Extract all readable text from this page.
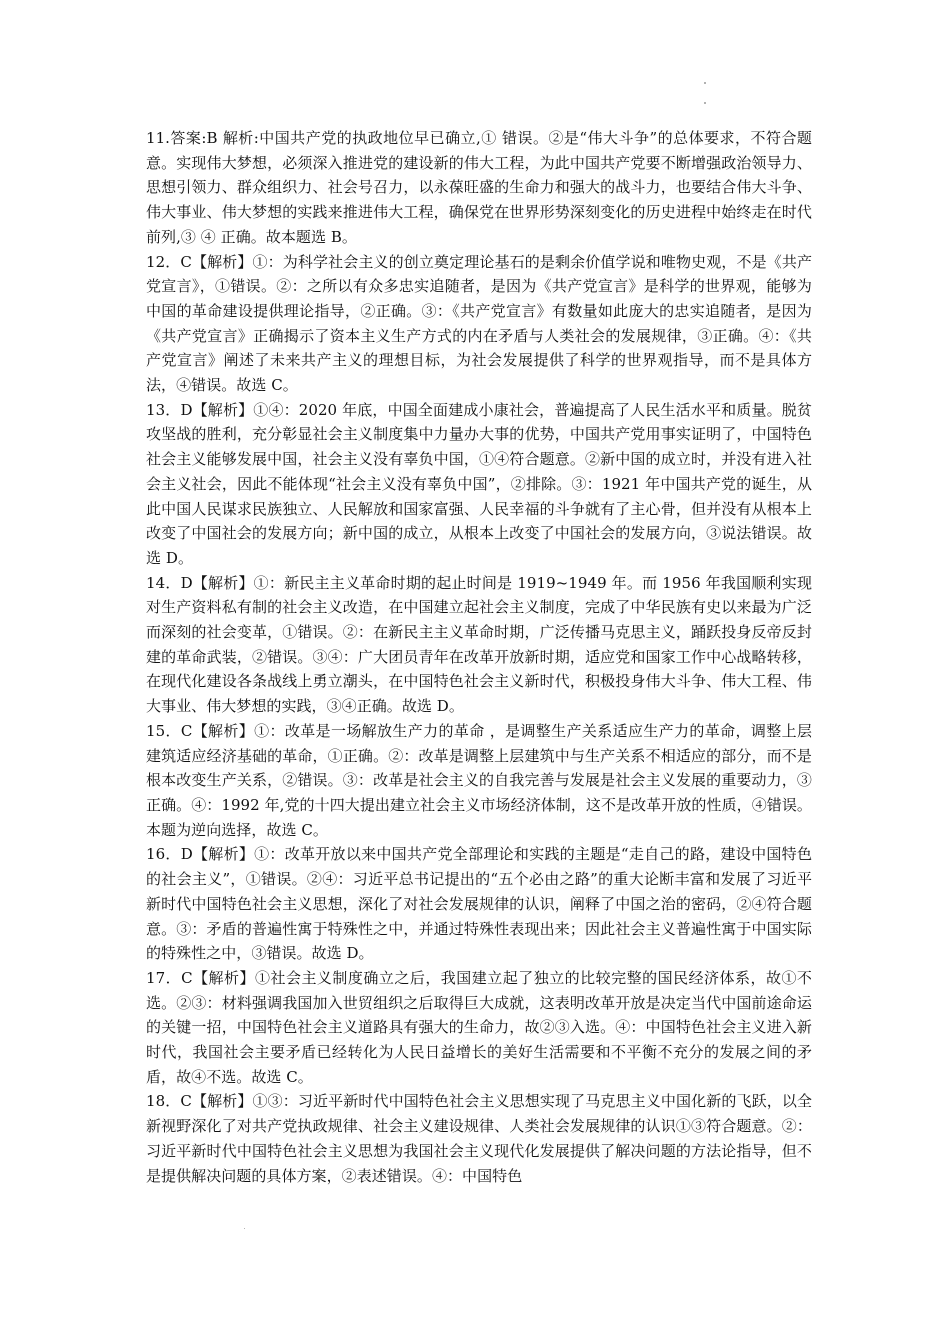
11.答案:B 解析:中国共产党的执政地位早已确立,① 错误。②是“伟大斗争”的总体要求，不符合题意。实现伟大梦想，必须深入推进党的建设新的伟大工程，为此中国共产党要不断增强政治领导力、思想引领力、群众组织力、社会号召力，以永葆旺盛的生命力和强大的战斗力，也要结合伟大斗争、伟大事业、伟大梦想的实践来推进伟大工程，确保党在世界形势深刻变化的历史进程中始终走在时代前列,③ ④ 正确。故本题选 B。

12．C【解析】①：为科学社会主义的创立奠定理论基石的是剩余价值学说和唯物史观，不是《共产党宣言》，①错误。②：之所以有众多忠实追随者，是因为《共产党宣言》是科学的世界观，能够为中国的革命建设提供理论指导，②正确。③：《共产党宣言》有数量如此庞大的忠实追随者，是因为《共产党宣言》正确揭示了资本主义生产方式的内在矛盾与人类社会的发展规律，③正确。④：《共产党宣言》阐述了未来共产主义的理想目标，为社会发展提供了科学的世界观指导，而不是具体方法，④错误。故选 C。

13．D【解析】①④：2020 年底，中国全面建成小康社会，普遍提高了人民生活水平和质量。脱贫攻坚战的胜利，充分彰显社会主义制度集中力量办大事的优势，中国共产党用事实证明了，中国特色社会主义能够发展中国，社会主义没有辜负中国，①④符合题意。②新中国的成立时，并没有进入社会主义社会，因此不能体现“社会主义没有辜负中国”，②排除。③：1921 年中国共产党的诞生，从此中国人民谋求民族独立、人民解放和国家富强、人民幸福的斗争就有了主心骨，但并没有从根本上改变了中国社会的发展方向；新中国的成立，从根本上改变了中国社会的发展方向，③说法错误。故选 D。

14．D【解析】①：新民主主义革命时期的起止时间是 1919~1949 年。而 1956 年我国顺利实现对生产资料私有制的社会主义改造，在中国建立起社会主义制度，完成了中华民族有史以来最为广泛而深刻的社会变革，①错误。②：在新民主主义革命时期，广泛传播马克思主义，踊跃投身反帝反封建的革命武装，②错误。③④：广大团员青年在改革开放新时期，适应党和国家工作中心战略转移，在现代化建设各条战线上勇立潮头，在中国特色社会主义新时代，积极投身伟大斗争、伟大工程、伟大事业、伟大梦想的实践，③④正确。故选 D。

15．C【解析】①：改革是一场解放生产力的革命 ，是调整生产关系适应生产力的革命，调整上层建筑适应经济基础的革命，①正确。②：改革是调整上层建筑中与生产关系不相适应的部分，而不是根本改变生产关系，②错误。③：改革是社会主义的自我完善与发展是社会主义发展的重要动力，③正确。④：1992 年,党的十四大提出建立社会主义市场经济体制，这不是改革开放的性质，④错误。本题为逆向选择，故选 C。

16．D【解析】①：改革开放以来中国共产党全部理论和实践的主题是“走自己的路，建设中国特色的社会主义”，①错误。②④：习近平总书记提出的“五个必由之路”的重大论断丰富和发展了习近平新时代中国特色社会主义思想，深化了对社会发展规律的认识，阐释了中国之治的密码，②④符合题意。③：矛盾的普遍性寓于特殊性之中，并通过特殊性表现出来；因此社会主义普遍性寓于中国实际的特殊性之中，③错误。故选 D。

17．C【解析】①社会主义制度确立之后，我国建立起了独立的比较完整的国民经济体系，故①不选。②③：材料强调我国加入世贸组织之后取得巨大成就，这表明改革开放是决定当代中国前途命运的关键一招，中国特色社会主义道路具有强大的生命力，故②③入选。④：中国特色社会主义进入新时代，我国社会主要矛盾已经转化为人民日益增长的美好生活需要和不平衡不充分的发展之间的矛盾，故④不选。故选 C。

18．C【解析】①③：习近平新时代中国特色社会主义思想实现了马克思主义中国化新的飞跃，以全新视野深化了对共产党执政规律、社会主义建设规律、人类社会发展规律的认识①③符合题意。②：习近平新时代中国特色社会主义思想为我国社会主义现代化发展提供了解决问题的方法论指导，但不是提供解决问题的具体方案，②表述错误。④：中国特色
